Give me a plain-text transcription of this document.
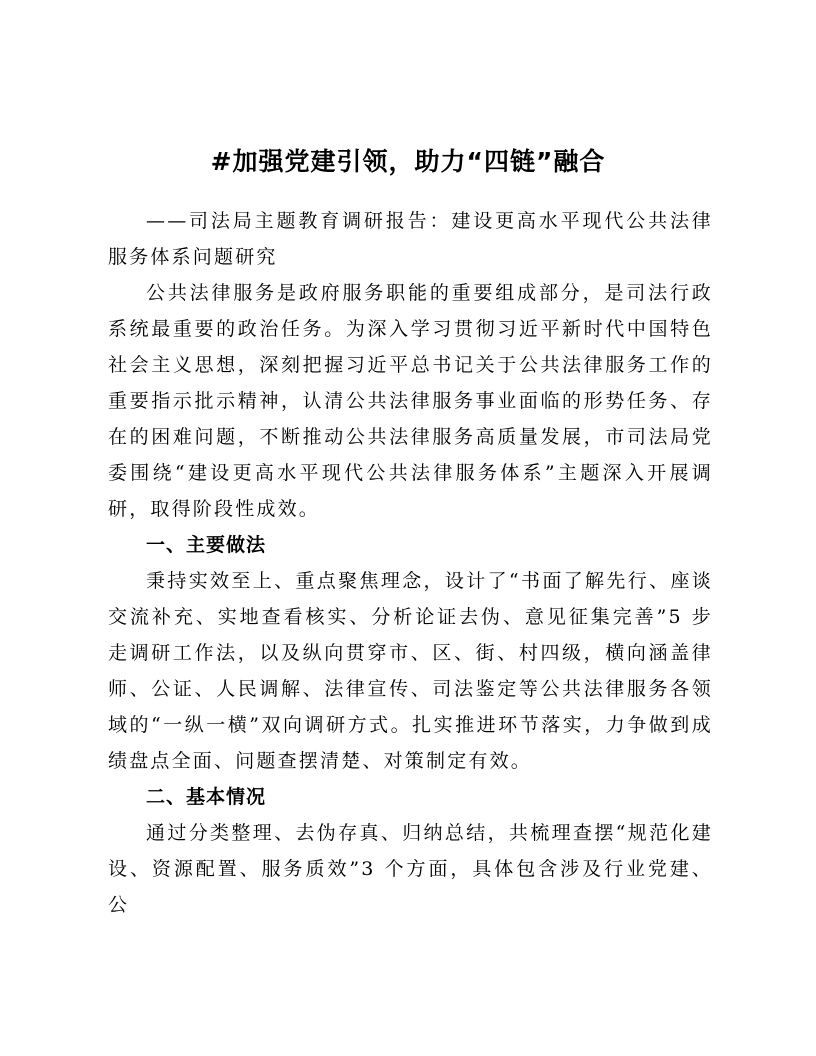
#加强党建引领，助力“四链”融合

——司法局主题教育调研报告：建设更高水平现代公共法律服务体系问题研究

公共法律服务是政府服务职能的重要组成部分，是司法行政系统最重要的政治任务。为深入学习贯彻习近平新时代中国特色社会主义思想，深刻把握习近平总书记关于公共法律服务工作的重要指示批示精神，认清公共法律服务事业面临的形势任务、存在的困难问题，不断推动公共法律服务高质量发展，市司法局党委围绕“建设更高水平现代公共法律服务体系”主题深入开展调研，取得阶段性成效。

一、主要做法

秉持实效至上、重点聚焦理念，设计了“书面了解先行、座谈交流补充、实地查看核实、分析论证去伪、意见征集完善”5 步走调研工作法，以及纵向贯穿市、区、街、村四级，横向涵盖律师、公证、人民调解、法律宣传、司法鉴定等公共法律服务各领域的“一纵一横”双向调研方式。扎实推进环节落实，力争做到成绩盘点全面、问题查摆清楚、对策制定有效。

二、基本情况

通过分类整理、去伪存真、归纳总结，共梳理查摆“规范化建设、资源配置、服务质效”3 个方面，具体包含涉及行业党建、公
